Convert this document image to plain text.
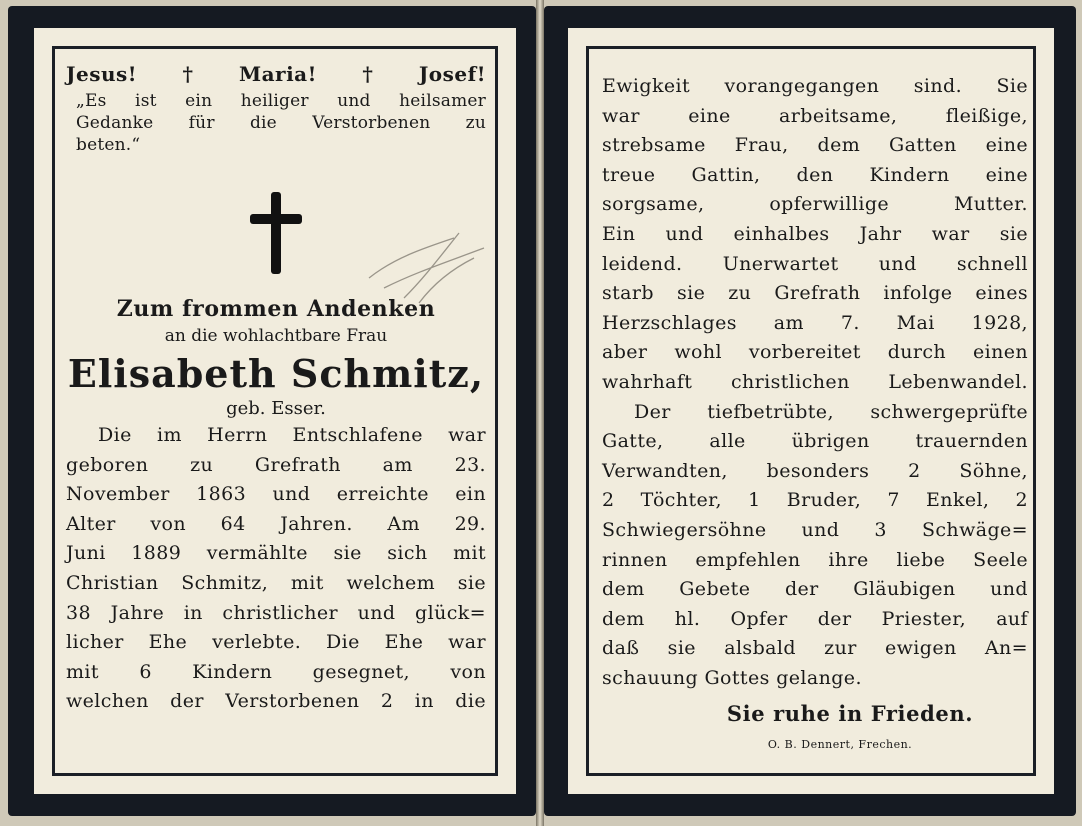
Jesus! † Maria! † Josef!
„Es ist ein heiliger und heilsamer
Gedanke für die Verstorbenen zu
beten.“
Zum frommen Andenken
an die wohlachtbare Frau
Elisabeth Schmitz,
geb. Esser.
Die im Herrn Entschlafene war
geboren zu Grefrath am 23.
November 1863 und erreichte ein
Alter von 64 Jahren. Am 29.
Juni 1889 vermählte sie sich mit
Christian Schmitz, mit welchem sie
38 Jahre in christlicher und glück=
licher Ehe verlebte. Die Ehe war
mit 6 Kindern gesegnet, von
welchen der Verstorbenen 2 in die
Ewigkeit vorangegangen sind. Sie
war eine arbeitsame, fleißige,
strebsame Frau, dem Gatten eine
treue Gattin, den Kindern eine
sorgsame, opferwillige Mutter.
Ein und einhalbes Jahr war sie
leidend. Unerwartet und schnell
starb sie zu Grefrath infolge eines
Herzschlages am 7. Mai 1928,
aber wohl vorbereitet durch einen
wahrhaft christlichen Lebenwandel.
Der tiefbetrübte, schwergeprüfte
Gatte, alle übrigen trauernden
Verwandten, besonders 2 Söhne,
2 Töchter, 1 Bruder, 7 Enkel, 2
Schwiegersöhne und 3 Schwäge=
rinnen empfehlen ihre liebe Seele
dem Gebete der Gläubigen und
dem hl. Opfer der Priester, auf
daß sie alsbald zur ewigen An=
schauung Gottes gelange.
Sie ruhe in Frieden.
O. B. Dennert, Frechen.
